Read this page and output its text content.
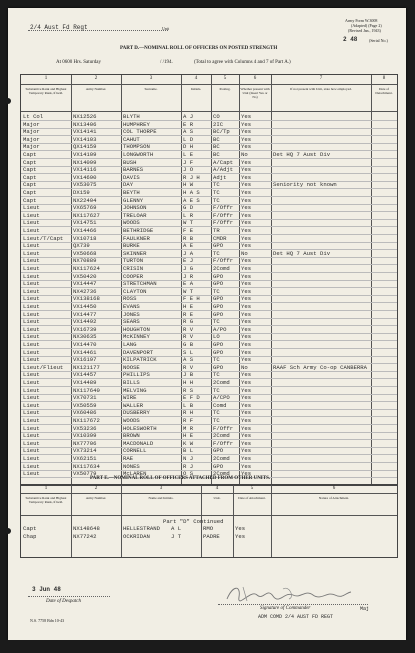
2/4 Aust Fd Regt	Unit
Army Form W.3008
(Adapted) (Page 2)
(Revised Jan., 1943)
2 48	(Serial No.)
PART D.—NOMINAL ROLL OF OFFICERS ON POSTED STRENGTH
At 0600 Hrs. Saturday	/ /194.	(Total to agree with Columns 4 and 7 of Part A.)
1	2	3	4	5	6	7	8
Substantive Rank and Highest Temporary Rank, if held.
Army Number.	Surname.	Initials.	Posting.	Whether present with Unit (Insert Yes or No)
If not present with Unit, state how employed.	Date of Detachment.
Lt Col	NX12526	BLYTH	A J	CO	Yes
Major	NX13406	HUMPHREY	E R	2IC	Yes
Major	VX14141	COL THORPE	A S	BC/Tp	Yes
Major	VX14103	CAHUT	L D	BC	Yes
Major	QX14159	THOMPSON	D H	BC	Yes
Capt	VX14109	LONGWORTH	L E	BC	No	Det HQ 7 Aust Div
Capt	NX14099	BUSH	J F	A/Capt	Yes
Capt	VX14116	BARNES	J O	A/Adjt	Yes
Capt	VX14690	DAVIS	R J H	Adjt	Yes
Capt	VX53075	DAY	H W	TC	Yes	Seniority not known
Capt	DX159	BEYTH	H A S	TC	Yes
Capt	NX22404	GLENNY	A E S	TC	Yes
Lieut	VX65769	JOHNSON	G D	F/Offr	Yes
Lieut	NX117627	TRELOAR	L R	F/Offr	Yes
Lieut	VX14751	WOODS	W T	F/Offr	Yes
Lieut	VX14466	BETHRIDGE	F E	TR	Yes
Lieut/T/Capt	VX10718	FAULKNER	R B	CMDR	Yes
Lieut	QX739	BURKE	A E	GPO	Yes
Lieut	VX50668	SKINNER	J A	TC	No	Det HQ 7 Aust Div
Lieut	NX70889	TURTON	E J	F/Offr	Yes
Lieut	NX117624	CRISIN	J G	2Comd	Yes
Lieut	VX50420	COOPER	J R	GPO	Yes
Lieut	VX14447	STRETCHMAN	E A	GPO	Yes
Lieut	NX42736	CLAYTON	W T	TC	Yes
Lieut	VX138168	ROSS	F E H	GPO	Yes
Lieut	VX14450	EVANS	H E	GPO	Yes
Lieut	VX14477	JONES	R E	GPO	Yes
Lieut	VX14492	SEARS	R G	TC	Yes
Lieut	VX16739	HOUGHTON	R V	A/PO	Yes
Lieut	NX30635	McKINNEY	R V	LO	Yes
Lieut	VX14470	LANG	G B	GPO	Yes
Lieut	VX14461	DAVENPORT	S L	GPO	Yes
Lieut	VX16197	KILPATRICK	A S	TC	Yes
Lieut/Flieut	NX121177	NOOSE	R V	GPO	No	RAAF Sch Army Co-op CANBERRA
Lieut	VX14457	PHILLIPS	J B	TC	Yes
Lieut	VX14489	BILLS	H H	2Comd	Yes
Lieut	NX117640	MELVING	R S	TC	Yes
Lieut	VX70731	WIRE	E F D	A/CPO	Yes
Lieut	VX50559	WALLER	L B	Comd	Yes
Lieut	VX60486	DUSBERRY	R H	TC	Yes
Lieut	NX117672	WOODS	R F	TC	Yes
Lieut	VX53236	HOLESWORTH	M R	F/Offr	Yes
Lieut	VX10399	BROWN	H E	2Comd	Yes
Lieut	NX77706	MACDONALD	K W	F/Offr	Yes
Lieut	VX73214	CORNELL	B L	GPO	Yes
Lieut	VX62151	RAE	N J	2Comd	Yes
Lieut	NX117634	NONES	R J	GPO	Yes
Lieut	VX50779	McLAREN	O S	2Comd	Yes
PART E.—NOMINAL ROLL OF OFFICERS ATTACHED FROM OTHER UNITS.
1	2	3	4	5	6
Substantive Rank and Highest Temporary Rank, if held.
Army Number.	Name and Initials.	Unit.	Date of Attachment.	Nature of Attachment.
Part "D" Continued
Capt	NX148648	HELLESTRAND A L	RMO	Yes
Chap	NX77242	OCKRIDAN	J T	PADRE	Yes
3 Jun 48
Date of Despatch
N.S. 7758 Bdn 10-43
Signature of Commander	Maj
ADM COMD 2/4 AUST FD REGT
